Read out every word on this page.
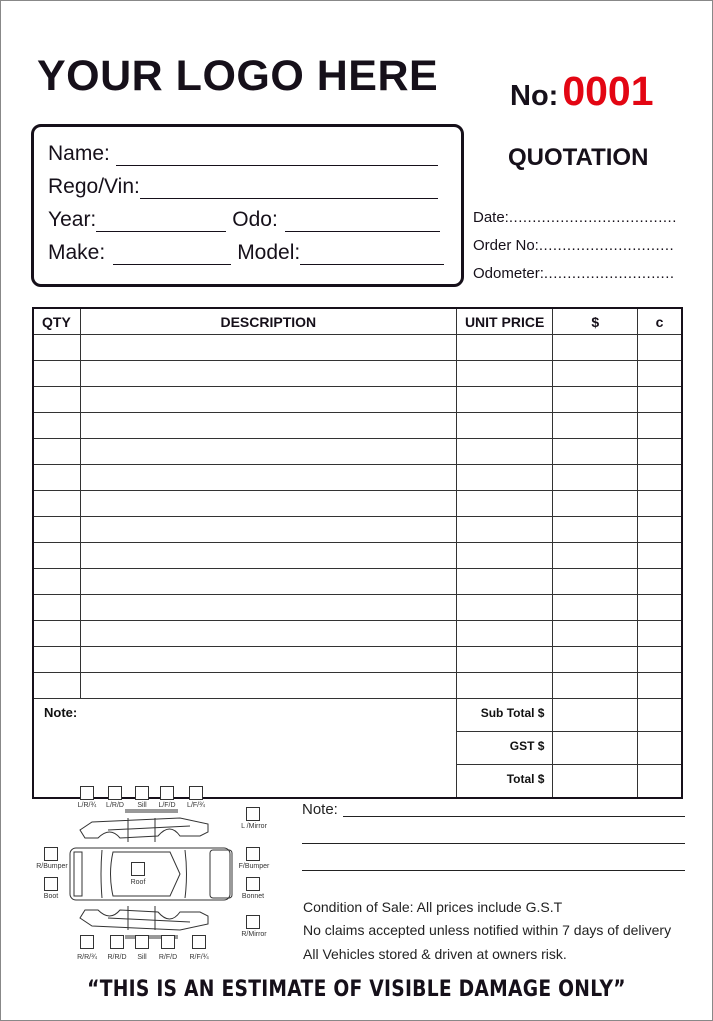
YOUR LOGO HERE No:0001
QUOTATION
Name:
Rego/Vin:
Year:	Odo:
Make:	Model:
Date:....................................
Order No:.............................
Odometer:............................
QTY	DESCRIPTION	UNIT PRICE	$	c

Note:		Sub Total $		
		GST $		
		Total $		
L/R/¾ L/R/D Sill L/F/D L/F/¾
R/Bumper
Boot
Roof
L /Mirror
F/Bumper
Bonnet
R/Mirror
R/R/¾ R/R/D Sill R/F/D R/F/¾
Note:
Condition of Sale: All prices include G.S.T
No claims accepted unless notified within 7 days of delivery
All Vehicles stored & driven at owners risk.
“THIS IS AN ESTIMATE OF VISIBLE DAMAGE ONLY”
